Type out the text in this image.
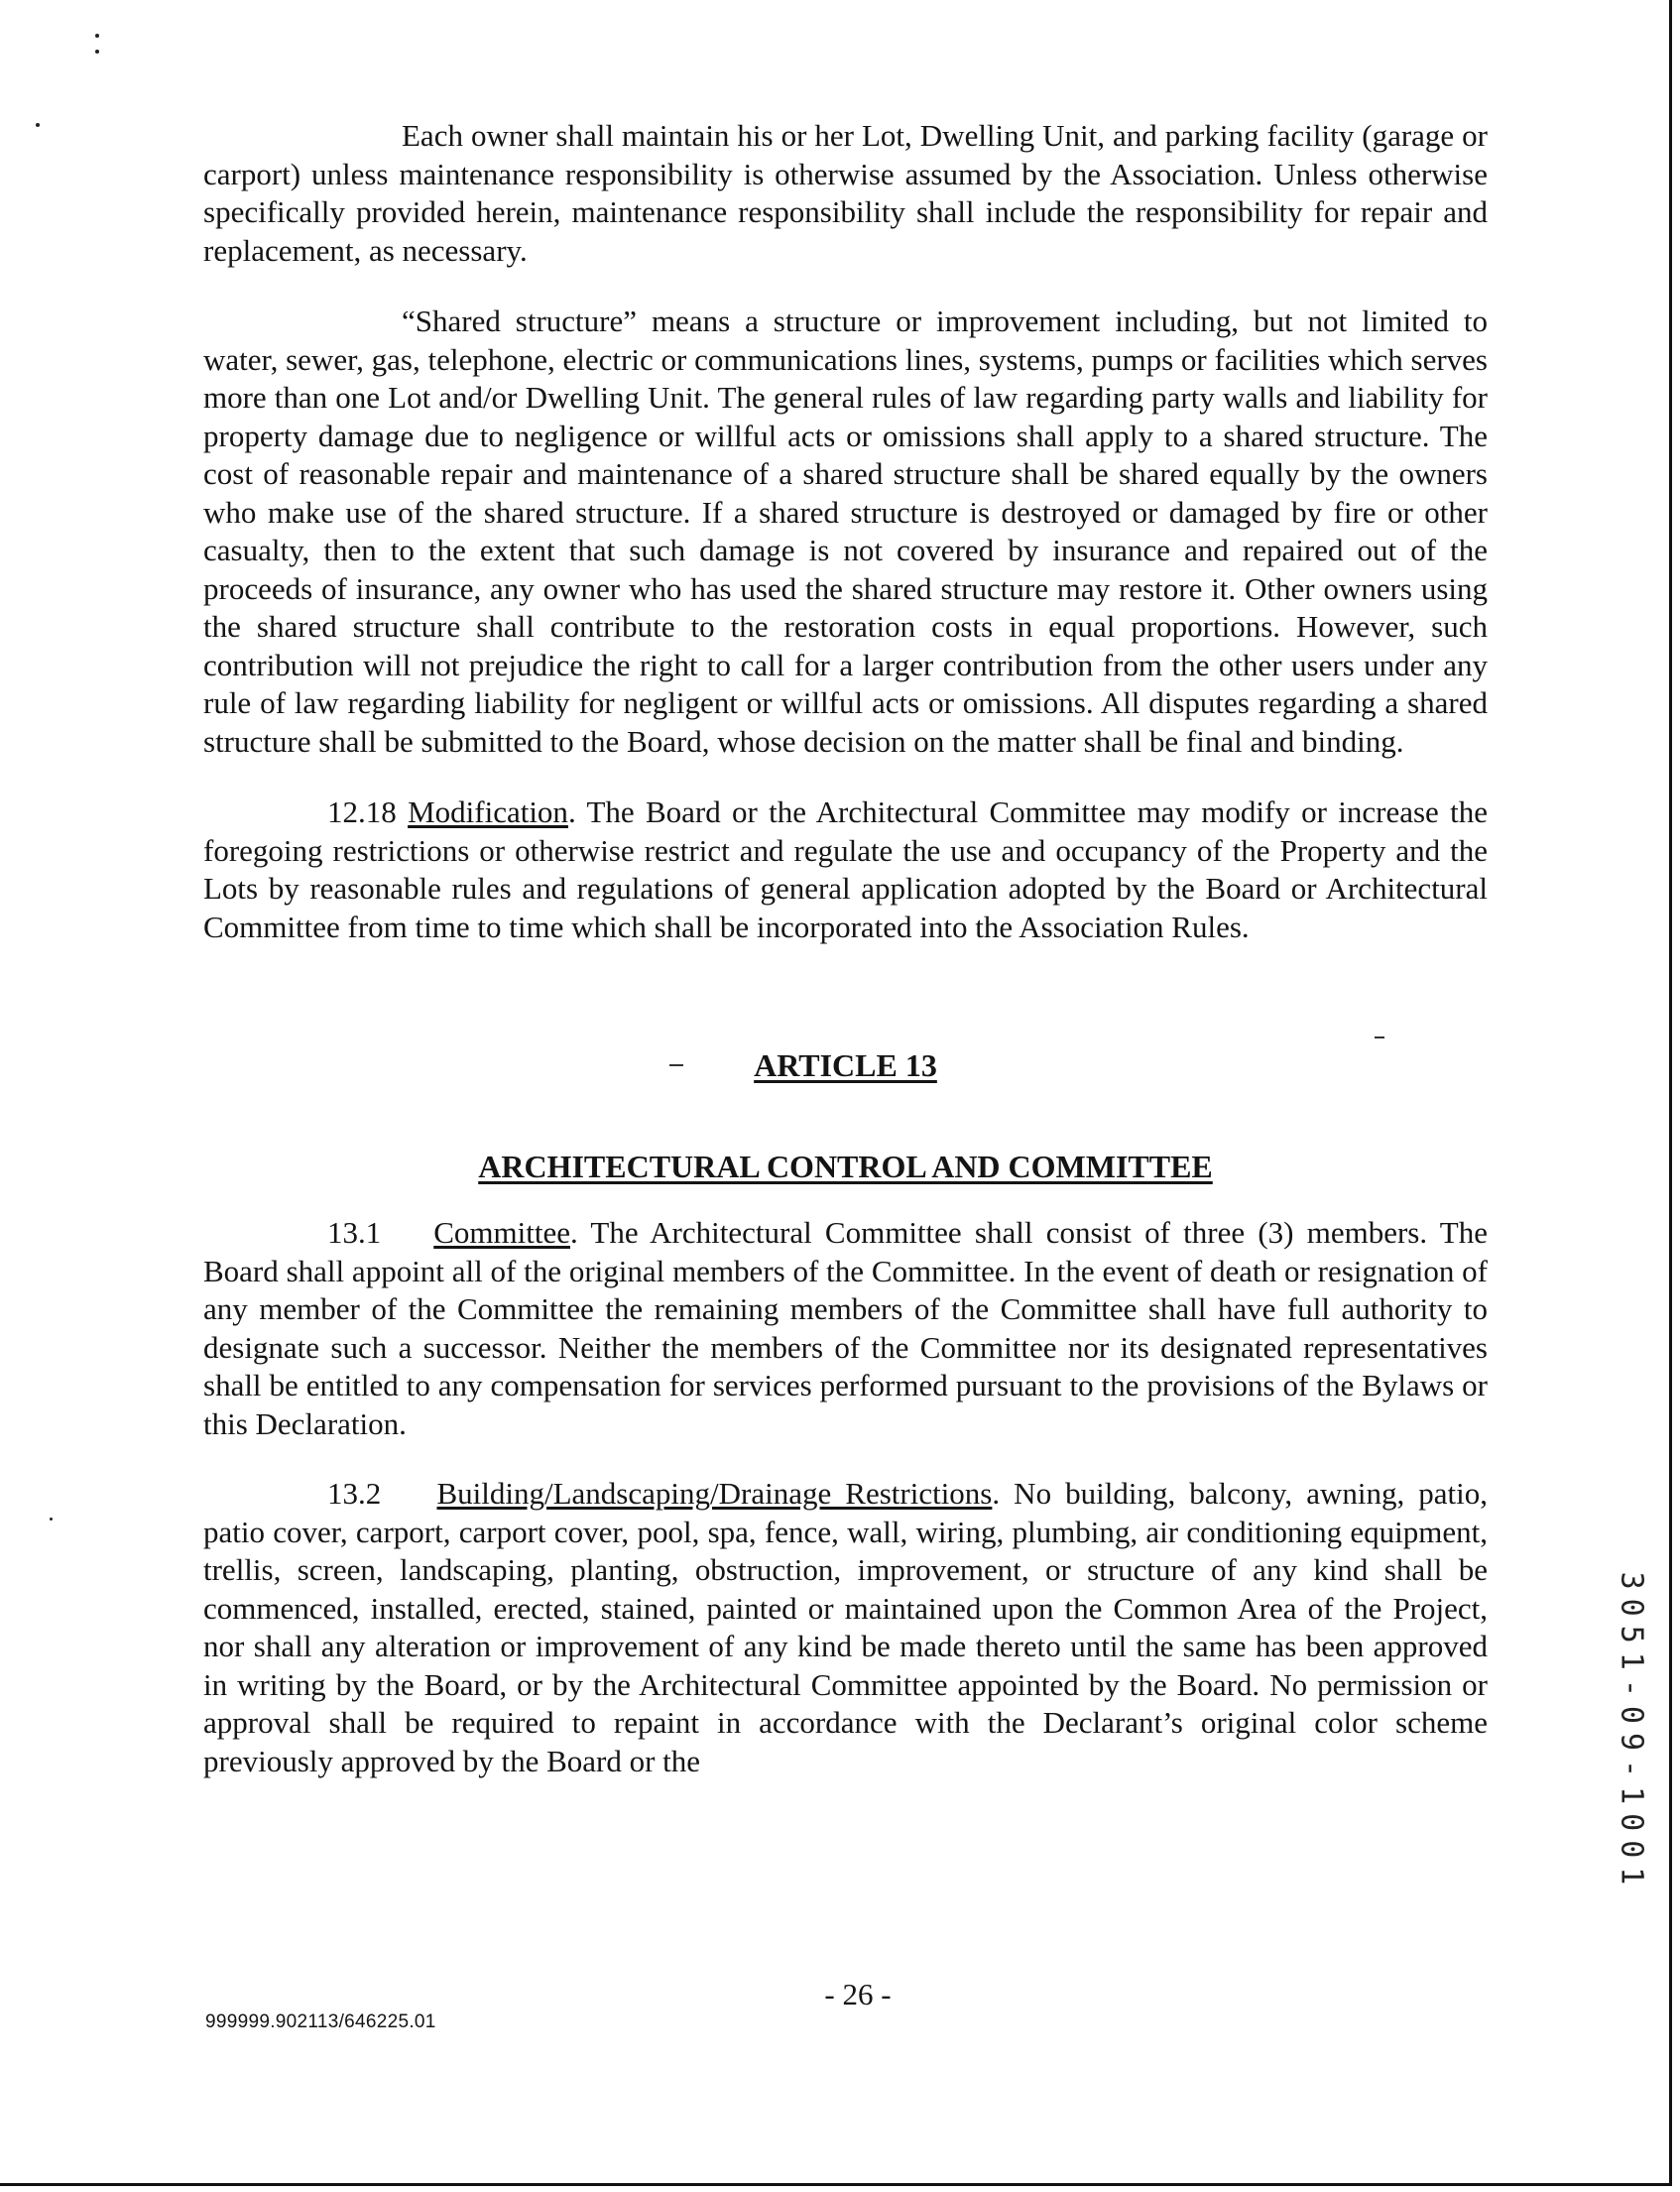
Each owner shall maintain his or her Lot, Dwelling Unit, and parking facility (garage or carport) unless maintenance responsibility is otherwise assumed by the Association. Unless otherwise specifically provided herein, maintenance responsibility shall include the responsibility for repair and replacement, as necessary.

“Shared structure” means a structure or improvement including, but not limited to water, sewer, gas, telephone, electric or communications lines, systems, pumps or facilities which serves more than one Lot and/or Dwelling Unit. The general rules of law regarding party walls and liability for property damage due to negligence or willful acts or omissions shall apply to a shared structure. The cost of reasonable repair and maintenance of a shared structure shall be shared equally by the owners who make use of the shared structure. If a shared structure is destroyed or damaged by fire or other casualty, then to the extent that such damage is not covered by insurance and repaired out of the proceeds of insurance, any owner who has used the shared structure may restore it. Other owners using the shared structure shall contribute to the restoration costs in equal proportions. However, such contribution will not prejudice the right to call for a larger contribution from the other users under any rule of law regarding liability for negligent or willful acts or omissions. All disputes regarding a shared structure shall be submitted to the Board, whose decision on the matter shall be final and binding.

12.18 Modification. The Board or the Architectural Committee may modify or increase the foregoing restrictions or otherwise restrict and regulate the use and occupancy of the Property and the Lots by reasonable rules and regulations of general application adopted by the Board or Architectural Committee from time to time which shall be incorporated into the Association Rules.

ARTICLE 13

ARCHITECTURAL CONTROL AND COMMITTEE

13.1 Committee. The Architectural Committee shall consist of three (3) members. The Board shall appoint all of the original members of the Committee. In the event of death or resignation of any member of the Committee the remaining members of the Committee shall have full authority to designate such a successor. Neither the members of the Committee nor its designated representatives shall be entitled to any compensation for services performed pursuant to the provisions of the Bylaws or this Declaration.

13.2 Building/Landscaping/Drainage Restrictions. No building, balcony, awning, patio, patio cover, carport, carport cover, pool, spa, fence, wall, wiring, plumbing, air conditioning equipment, trellis, screen, landscaping, planting, obstruction, improvement, or structure of any kind shall be commenced, installed, erected, stained, painted or maintained upon the Common Area of the Project, nor shall any alteration or improvement of any kind be made thereto until the same has been approved in writing by the Board, or by the Architectural Committee appointed by the Board. No permission or approval shall be required to repaint in accordance with the Declarant’s original color scheme previously approved by the Board or the

- 26 -
999999.902113/646225.01
3051-09-1001
